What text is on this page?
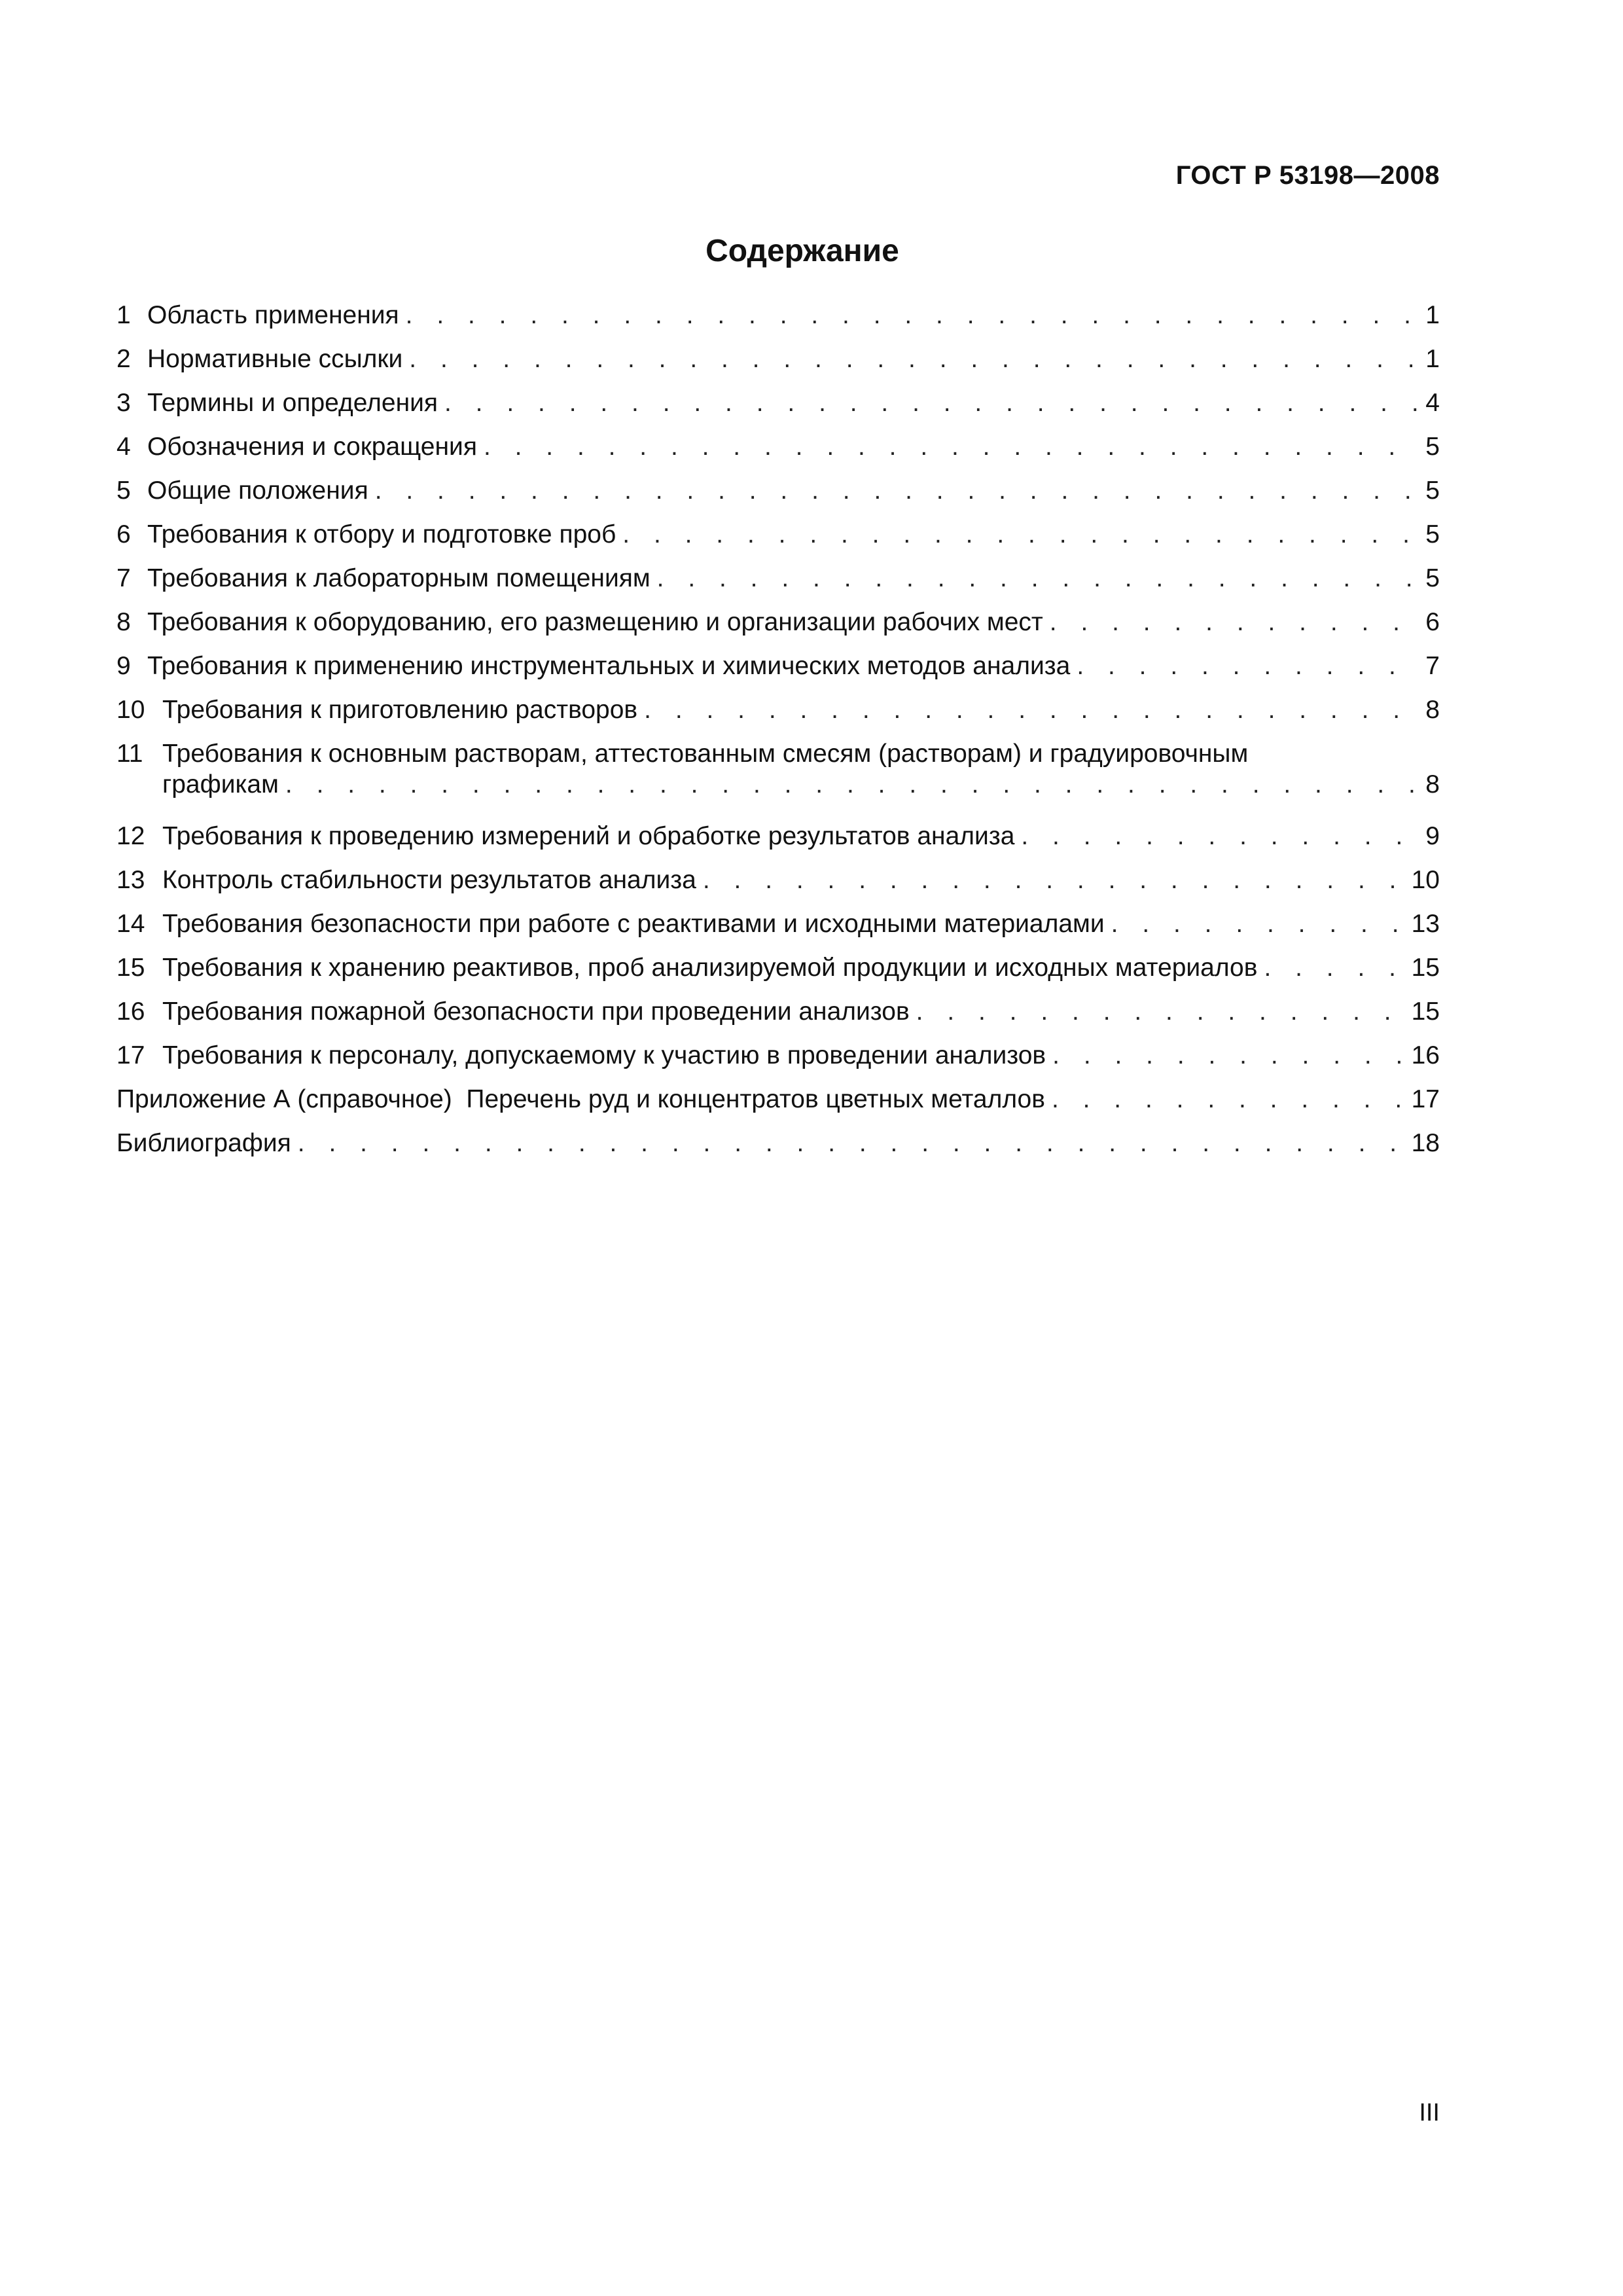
ГОСТ Р 53198—2008
Содержание
1 Область применения . . .	1
2 Нормативные ссылки . . .	1
3 Термины и определения . . .	4
4 Обозначения и сокращения . . .	5
5 Общие положения . . .	5
6 Требования к отбору и подготовке проб . . .	5
7 Требования к лабораторным помещениям . . .	5
8 Требования к оборудованию, его размещению и организации рабочих мест . . .	6
9 Требования к применению инструментальных и химических методов анализа . . .	7
10 Требования к приготовлению растворов . . .	8
11 Требования к основным растворам, аттестованным смесям (растворам) и градуировочным
графикам . . .	8
12 Требования к проведению измерений и обработке результатов анализа . . .	9
13 Контроль стабильности результатов анализа . . .	10
14 Требования безопасности при работе с реактивами и исходными материалами . . .	13
15 Требования к хранению реактивов, проб анализируемой продукции и исходных материалов . . .	15
16 Требования пожарной безопасности при проведении анализов . . .	15
17 Требования к персоналу, допускаемому к участию в проведении анализов . . .	16
Приложение А (справочное)  Перечень руд и концентратов цветных металлов . . .	17
Библиография . . .	18
III
